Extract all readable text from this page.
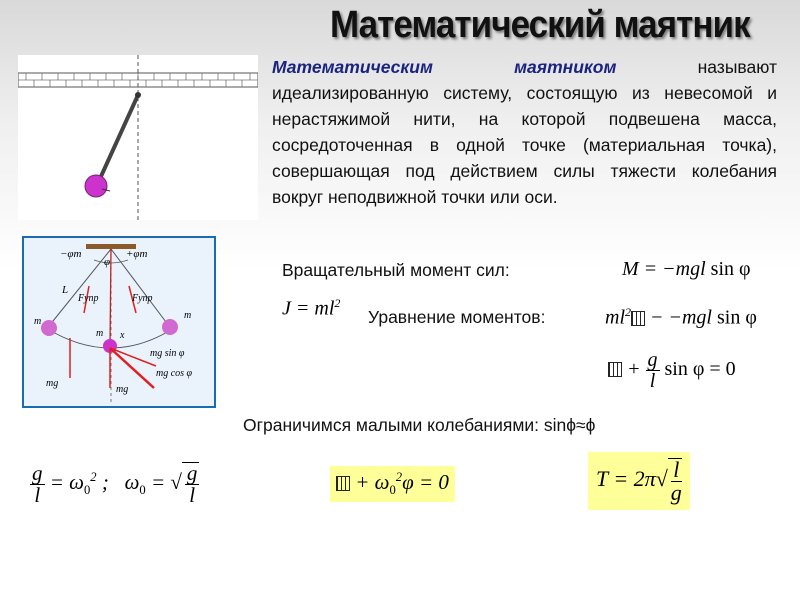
Математический маятник
Математическим маятником называют идеализированную систему, состоящую из невесомой и нерастяжимой нити, на которой подвешена масса, сосредоточенная в одной точке (материальная точка), совершающая под действием силы тяжести колебания вокруг неподвижной точки или оси.
−φm
φ
+φm
L
Fупр	Fупр
m
m
m x
mg sin φ
mg cos φ
mg
mg
Вращательный момент сил:
Уравнение моментов:
Ограничимся малыми колебаниями: sinϕ≈ϕ
M = −mgl sin φ
$J = ml^2$
$ml^2 - -mgl$ sin φ
+ $\frac{g}{l}$ sin φ = 0
$\frac{g}{l} = \omega_0^2$ ;   $\omega_0$ = √ $\frac{g}{l}$	+ $\omega_0^2\varphi = 0$	$T = 2\pi√ \frac{l}{g}$
